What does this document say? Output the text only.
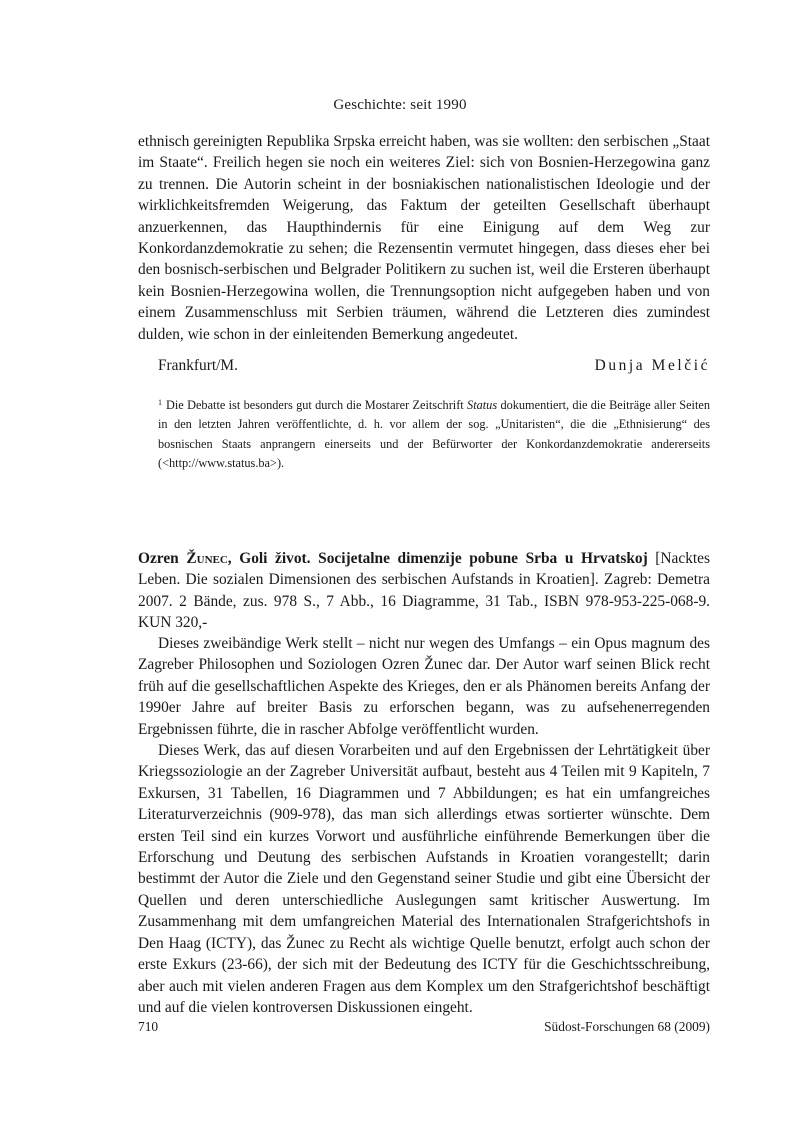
Geschichte: seit 1990

ethnisch gereinigten Republika Srpska erreicht haben, was sie wollten: den serbischen „Staat im Staate“. Freilich hegen sie noch ein weiteres Ziel: sich von Bosnien-Herzegowina ganz zu trennen. Die Autorin scheint in der bosniakischen nationalistischen Ideologie und der wirklichkeitsfremden Weigerung, das Faktum der geteilten Gesellschaft überhaupt anzuerkennen, das Haupthindernis für eine Einigung auf dem Weg zur Konkordanzdemokratie zu sehen; die Rezensentin vermutet hingegen, dass dieses eher bei den bosnisch-serbischen und Belgrader Politikern zu suchen ist, weil die Ersteren überhaupt kein Bosnien-Herzegowina wollen, die Trennungsoption nicht aufgegeben haben und von einem Zusammenschluss mit Serbien träumen, während die Letzteren dies zumindest dulden, wie schon in der einleitenden Bemerkung angedeutet.

Frankfurt/M.	Dunja Melčić
$^1$ Die Debatte ist besonders gut durch die Mostarer Zeitschrift Status dokumentiert, die die Beiträge aller Seiten in den letzten Jahren veröffentlichte, d. h. vor allem der sog. „Unitaristen“, die die „Ethnisierung“ des bosnischen Staats anprangern einerseits und der Befürworter der Konkordanzdemokratie andererseits (<http://www.status.ba>).
Ozren Žunec, Goli život. Socijetalne dimenzije pobune Srba u Hrvatskoj [Nacktes Leben. Die sozialen Dimensionen des serbischen Aufstands in Kroatien]. Zagreb: Demetra 2007. 2 Bände, zus. 978 S., 7 Abb., 16 Diagramme, 31 Tab., ISBN 978-953-225-068-9. KUN 320,-

Dieses zweibändige Werk stellt – nicht nur wegen des Umfangs – ein Opus magnum des Zagreber Philosophen und Soziologen Ozren Žunec dar. Der Autor warf seinen Blick recht früh auf die gesellschaftlichen Aspekte des Krieges, den er als Phänomen bereits Anfang der 1990er Jahre auf breiter Basis zu erforschen begann, was zu aufsehenerregenden Ergebnissen führte, die in rascher Abfolge veröffentlicht wurden.

Dieses Werk, das auf diesen Vorarbeiten und auf den Ergebnissen der Lehrtätigkeit über Kriegssoziologie an der Zagreber Universität aufbaut, besteht aus 4 Teilen mit 9 Kapiteln, 7 Exkursen, 31 Tabellen, 16 Diagrammen und 7 Abbildungen; es hat ein umfangreiches Literaturverzeichnis (909-978), das man sich allerdings etwas sortierter wünschte. Dem ersten Teil sind ein kurzes Vorwort und ausführliche einführende Bemerkungen über die Erforschung und Deutung des serbischen Aufstands in Kroatien vorangestellt; darin bestimmt der Autor die Ziele und den Gegenstand seiner Studie und gibt eine Übersicht der Quellen und deren unterschiedliche Auslegungen samt kritischer Auswertung. Im Zusammenhang mit dem umfangreichen Material des Internationalen Strafgerichtshofs in Den Haag (ICTY), das Žunec zu Recht als wichtige Quelle benutzt, erfolgt auch schon der erste Exkurs (23-66), der sich mit der Bedeutung des ICTY für die Geschichtsschreibung, aber auch mit vielen anderen Fragen aus dem Komplex um den Strafgerichtshof beschäftigt und auf die vielen kontroversen Diskussionen eingeht.

710	Südost-Forschungen 68 (2009)
